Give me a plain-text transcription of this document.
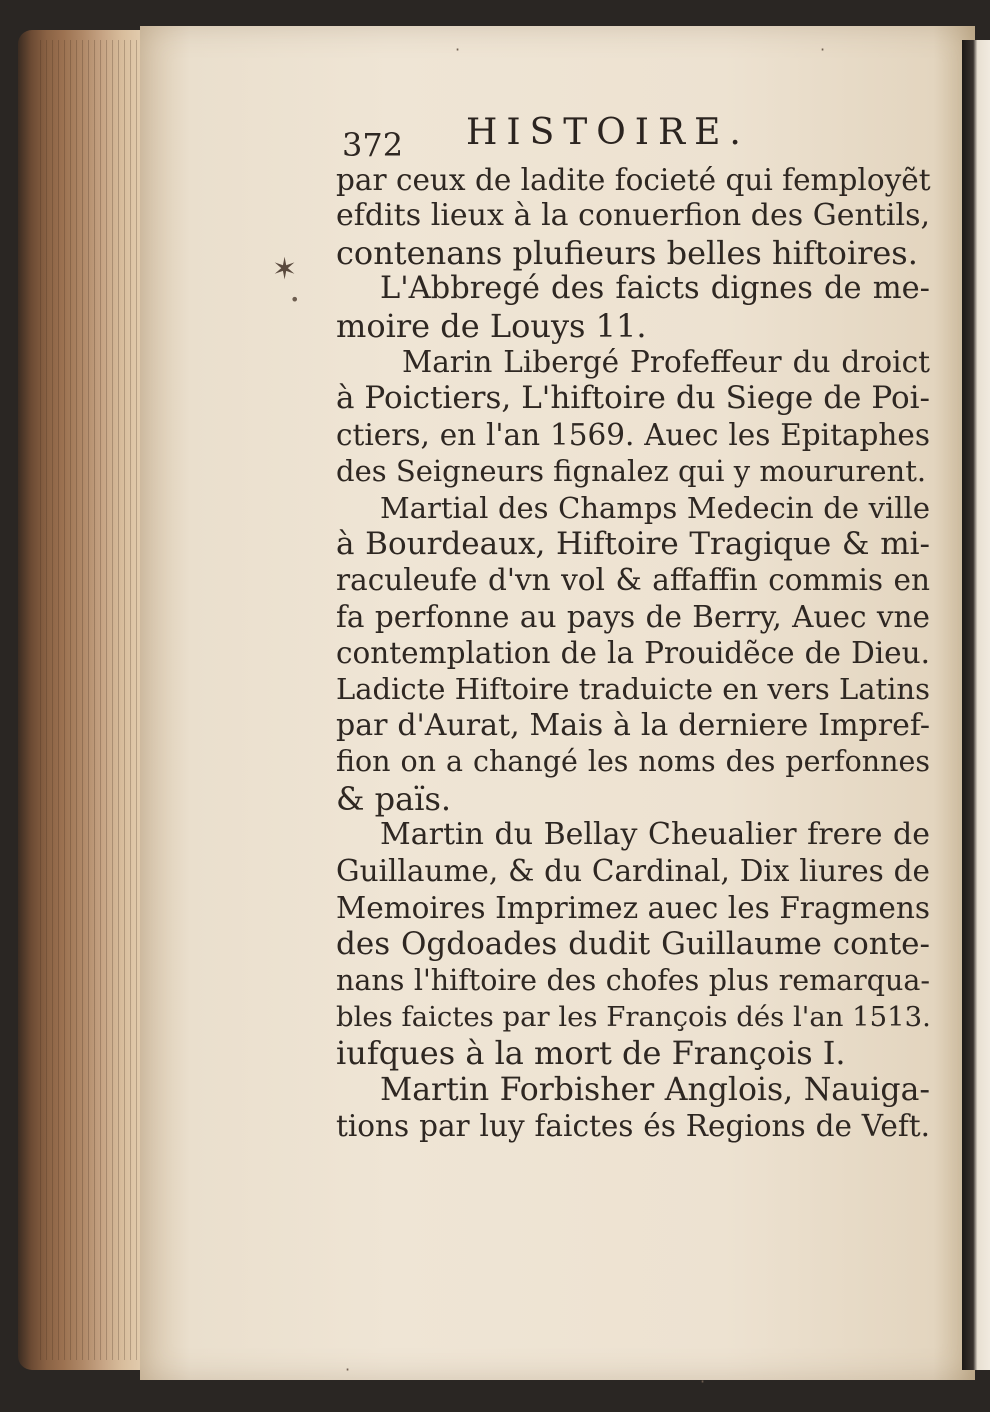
✶
•
·	·
·
·
372 HISTOIRE.
par ceux de ladite focieté qui femployẽt
efdits lieux à la conuerfion des Gentils,
contenans plufieurs belles hiftoires.
L'Abbregé des faicts dignes de me-
moire de Louys 11.
Marin Libergé Profeffeur du droict
à Poictiers, L'hiftoire du Siege de Poi-
ctiers, en l'an 1569. Auec les Epitaphes
des Seigneurs fignalez qui y moururent.
Martial des Champs Medecin de ville
à Bourdeaux, Hiftoire Tragique & mi-
raculeufe d'vn vol & affaffin commis en
fa perfonne au pays de Berry, Auec vne
contemplation de la Prouidẽce de Dieu.
Ladicte Hiftoire traduicte en vers Latins
par d'Aurat, Mais à la derniere Impref-
fion on a changé les noms des perfonnes
& païs.
Martin du Bellay Cheualier frere de
Guillaume, & du Cardinal, Dix liures de
Memoires Imprimez auec les Fragmens
des Ogdoades dudit Guillaume conte-
nans l'hiftoire des chofes plus remarqua-
bles faictes par les François dés l'an 1513.
iufques à la mort de François I.
Martin Forbisher Anglois, Nauiga-
tions par luy faictes és Regions de Veft.
